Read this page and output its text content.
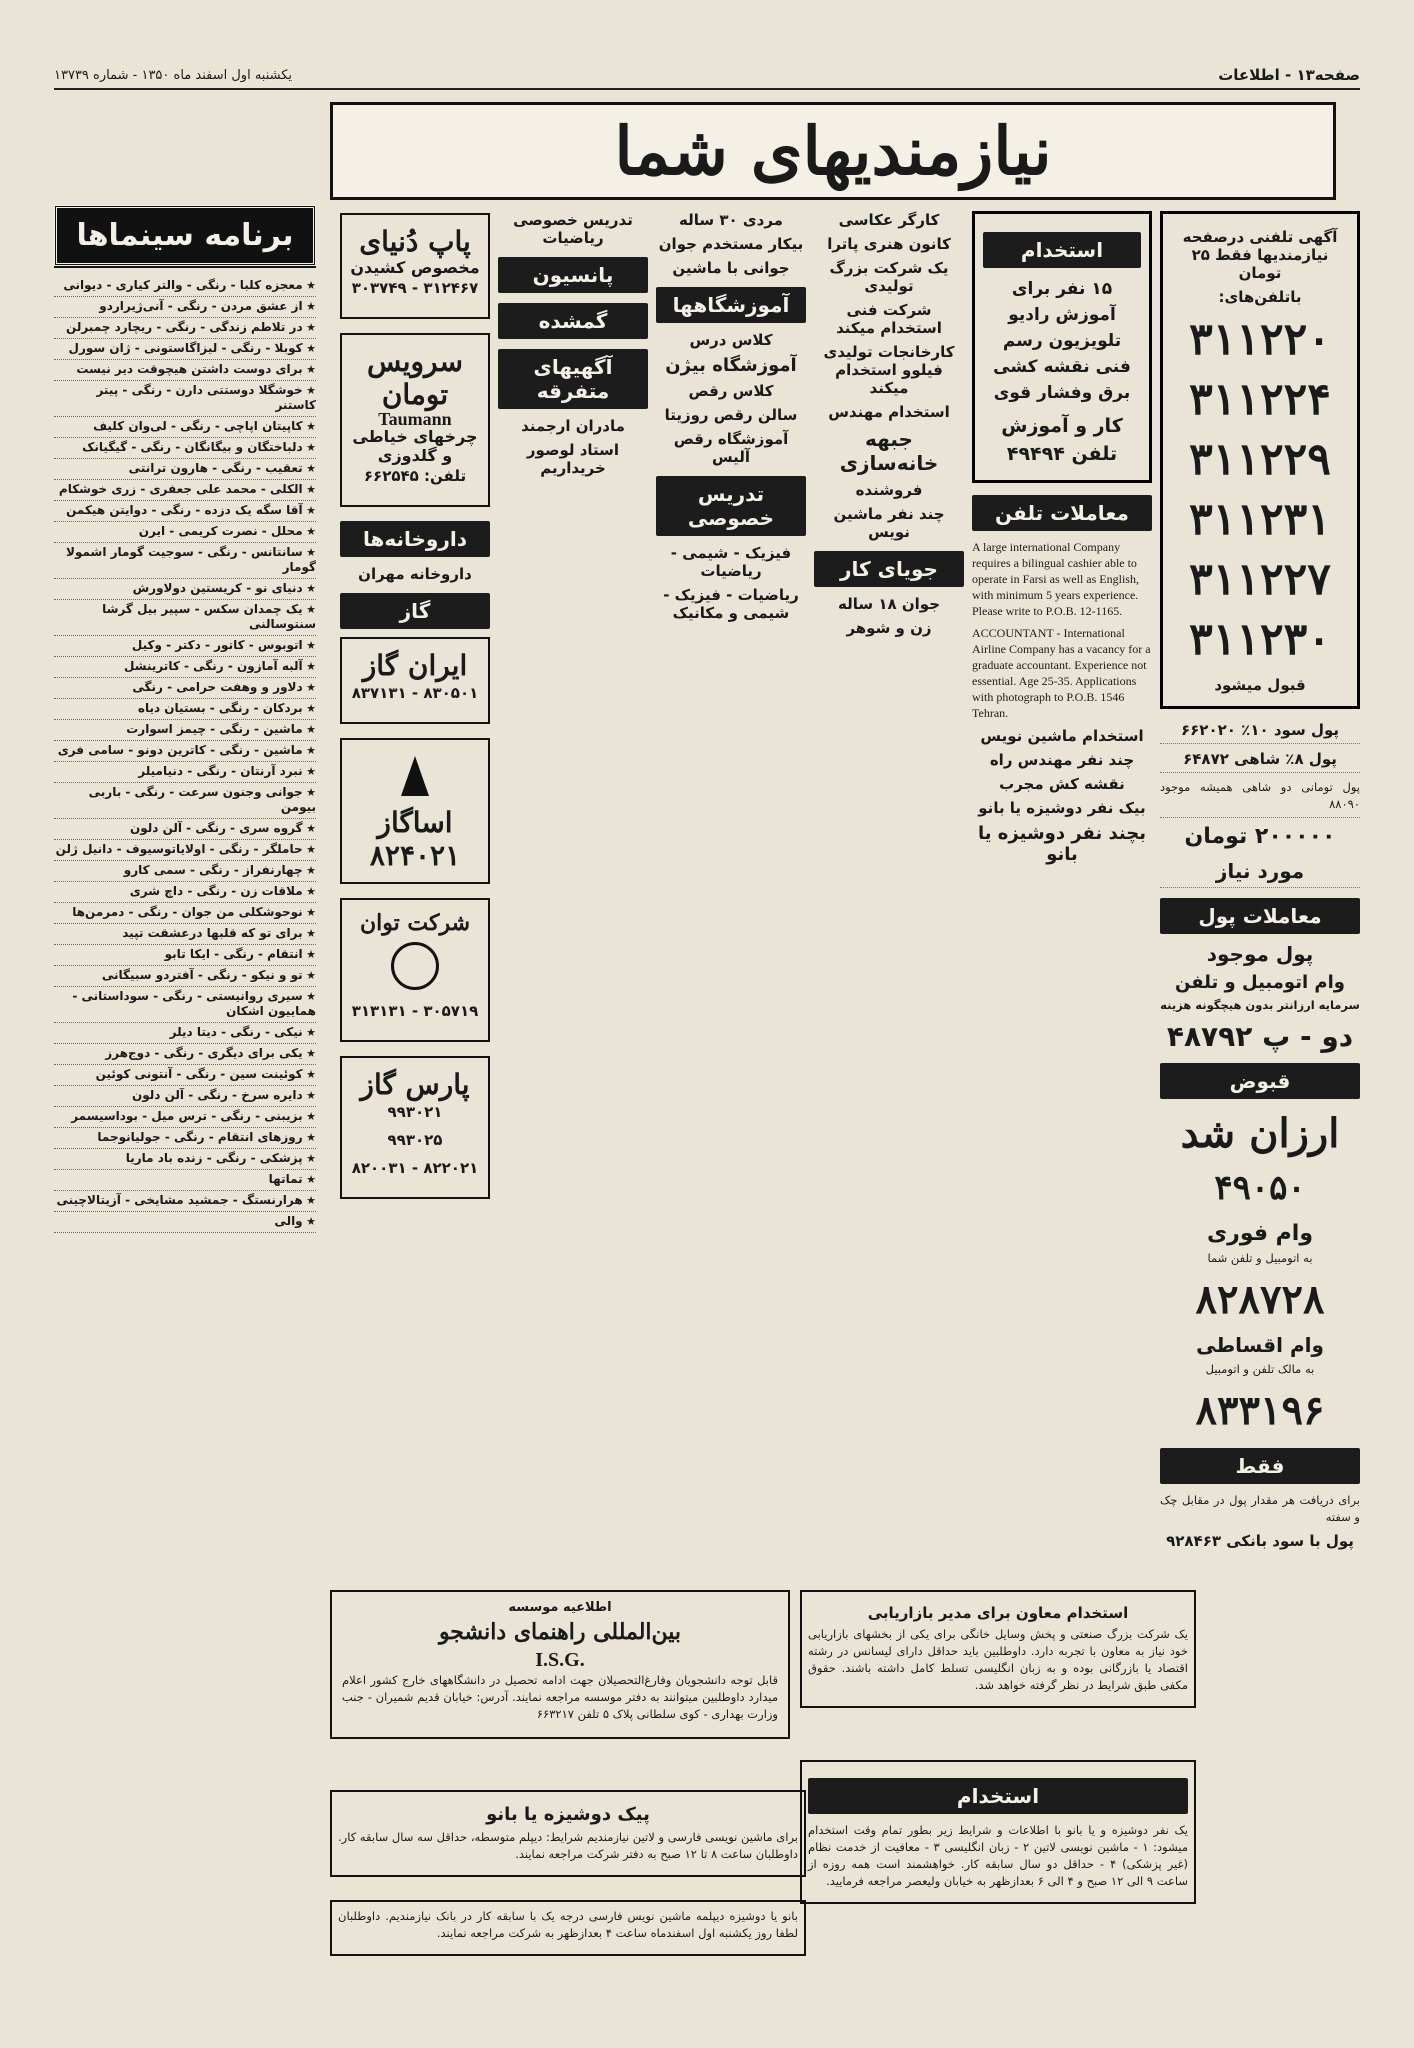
صفحه۱۳ - اطلاعات
یکشنبه اول اسفند ماه ۱۳۵۰ - شماره ۱۳۷۳۹
نیازمندیهای شما
آگهی تلفنی درصفحه نیازمندیها فقط ۲۵ تومان
باتلفن‌های:
۳۱۱۲۲۰
۳۱۱۲۲۴
۳۱۱۲۲۹
۳۱۱۲۳۱
۳۱۱۲۲۷
۳۱۱۲۳۰
قبول میشود
پول سود ۱۰٪ ۶۶۲۰۲۰
پول ۸٪ شاهی ۶۴۸۷۲
پول تومانی دو شاهی همیشه موجود ۸۸۰۹۰
۲۰۰۰۰۰ تومان
مورد نیاز
معاملات پول
پول موجود
وام اتومبیل و تلفن
سرمایه ارزانتر بدون هیچگونه هزینه
دو - پ ۴۸۷۹۲
قبوض
ارزان شد
۴۹۰۵۰
وام فوری
به اتومبیل و تلفن شما
۸۲۸۷۲۸
وام اقساطی
به مالک تلفن و اتومبیل
۸۳۳۱۹۶
فقط
برای دریافت هر مقدار پول در مقابل چک و سفته
پول با سود بانکی ۹۲۸۴۶۳
استخدام
۱۵ نفر برای آموزش رادیو تلویزیون رسم فنی نقشه کشی برق وفشار قوی
کار و آموزش تلفن ۴۹۴۹۴
معاملات تلفن
A large international Company requires a bilingual cashier able to operate in Farsi as well as English, with minimum 5 years experience. Please write to P.O.B. 12-1165.
ACCOUNTANT - International Airline Company has a vacancy for a graduate accountant. Experience not essential. Age 25-35. Applications with photograph to P.O.B. 1546 Tehran.
استخدام ماشین نویس
چند نفر مهندس راه
نقشه کش مجرب
بیک نفر دوشیزه یا بانو
بچند نفر دوشیزه یا بانو
کارگر عکاسی
کانون هنری پاترا
یک شرکت بزرگ تولیدی
شرکت فنی استخدام میکند
کارخانجات تولیدی فیلوو استخدام میکند
استخدام مهندس
جبهه خانه‌سازی
فروشنده
چند نفر ماشین نویس
جویای کار
جوان ۱۸ ساله
زن و شوهر
مردی ۳۰ ساله
بیکار مستخدم جوان
جوانی با ماشین
آموزشگاهها
کلاس درس
آموزشگاه بیژن
کلاس رقص
سالن رقص روزیتا
آموزشگاه رقص آلیس
تدریس خصوصی
فیزیک - شیمی - ریاضیات
ریاضیات - فیزیک - شیمی و مکانیک
تدریس خصوصی ریاضیات
پانسیون
گمشده
آگهیهای متفرقه
مادران ارجمند
استاد لوصور خریداریم
پاپ دُنیای
مخصوص کشیدن
۳۱۲۴۶۷ - ۳۰۳۷۴۹
سرویس تومان
Taumann
چرخهای خیاطی و گلدوزی
تلفن: ۶۶۲۵۴۵
داروخانه‌ها
داروخانه مهران
گاز
ایران گاز
۸۳۰۵۰۱ - ۸۳۷۱۳۱
اساگاز
۸۲۴۰۲۱
شرکت توان
۳۰۵۷۱۹ - ۳۱۳۱۳۱
پارس گاز
۹۹۳۰۲۱
۹۹۳۰۲۵
۸۲۲۰۲۱ - ۸۲۰۰۳۱
اطلاعیه موسسه
بین‌المللی راهنمای دانشجو
I.S.G.
قابل توجه دانشجویان وفارغ‌التحصیلان جهت ادامه تحصیل در دانشگاههای خارج کشور اعلام میدارد داوطلبین میتوانند به دفتر موسسه مراجعه نمایند. آدرس: خیابان قدیم شمیران - جنب وزارت بهداری - کوی سلطانی پلاک ۵ تلفن ۶۶۳۲۱۷
پیک دوشیزه یا بانو
برای ماشین نویسی فارسی و لاتین نیازمندیم شرایط: دیپلم متوسطه، حداقل سه سال سابقه کار. داوطلبان ساعت ۸ تا ۱۲ صبح به دفتر شرکت مراجعه نمایند.
بانو یا دوشیزه دیپلمه ماشین نویس فارسی درجه یک با سابقه کار در بانک نیازمندیم. داوطلبان لطفا روز یکشنبه اول اسفندماه ساعت ۴ بعدازظهر به شرکت مراجعه نمایند.
استخدام معاون برای مدیر بازاریابی
یک شرکت بزرگ صنعتی و پخش وسایل خانگی برای یکی از بخشهای بازاریابی خود نیاز به معاون با تجربه دارد. داوطلبین باید حداقل دارای لیسانس در رشته اقتصاد یا بازرگانی بوده و به زبان انگلیسی تسلط کامل داشته باشند. حقوق مکفی طبق شرایط در نظر گرفته خواهد شد.
استخدام
یک نفر دوشیزه و یا بانو با اطلاعات و شرایط زیر بطور تمام وقت استخدام میشود: ۱ - ماشین نویسی لاتین ۲ - زبان انگلیسی ۳ - معافیت از خدمت نظام (غیر پزشکی) ۴ - حداقل دو سال سابقه کار. خواهشمند است همه روزه از ساعت ۹ الی ۱۲ صبح و ۴ الی ۶ بعدازظهر به خیابان ولیعصر مراجعه فرمایید.
برنامه سینماها
★ معجزه کلبا - رنگی - والتر کیاری - دیوانی
★ از عشق مردن - رنگی - آنی‌ژیراردو
★ در تلاطم زندگی - رنگی - ریچارد چمبرلن
★ کوبلا - رنگی - لیزاگاستونی - ژان سورل
★ برای دوست داشتن هیچوقت دیر نیست
★ خوشگلا دوستتی دارن - رنگی - پیتر کاستنر
★ کاپیتان اپاچی - رنگی - لی‌وان کلیف
★ دلباختگان و بیگانگان - رنگی - گیگیانک
★ تعقیب - رنگی - هارون ترانتی
★ الکلی - محمد علی جعفری - زری خوشکام
★ آقا سگه یک دزده - رنگی - دوایتن هیکمن
★ محلل - نصرت کریمی - ایرن
★ سانتانس - رنگی - سوجیت گومار اشمولا گومار
★ دنیای نو - کریستین دولاورش
★ یک چمدان سکس - سپیر بیل گرشا سنتوسالنی
★ اتوبوس - کاتور - دکتر - وکیل
★ آلبه آمازون - رنگی - کاترینشل
★ دلاور و وهفت حرامی - رنگی
★ بردکان - رنگی - بستیان دیاه
★ ماشین - رنگی - چیمز اسوارت
★ ماشین - رنگی - کاترین دونو - سامی فری
★ نبرد آرنتان - رنگی - دنیامیلر
★ جوانی وجنون سرعت - رنگی - باربی بیومن
★ گروه سری - رنگی - آلن دلون
★ حاملگر - رنگی - اولایاتوسیوف - دانیل ژلن
★ چهارنفراز - رنگی - سمی کارو
★ ملاقات زن - رنگی - داچ شری
★ نوحوشکلی من جوان - رنگی - دمرمن‌ها
★ برای تو که قلبها درعشقت تپید
★ انتقام - رنگی - ایکا تابو
★ تو و نیکو - رنگی - آفتردو سبیگانی
★ سیری روانیستی - رنگی - سوداستانی - هماییون اشکان
★ نیکی - رنگی - دیتا دیلر
★ یکی برای دیگری - رنگی - دوج‌هرز
★ کوئینت سین - رنگی - آنتونی کوئین
★ دایره سرخ - رنگی - آلن دلون
★ بزیبنی - رنگی - ترس میل - بوداسیسمر
★ روزهای انتقام - رنگی - جولیانوجما
★ پزشکی - رنگی - زنده باد ماریا
★ تماتها
★ هرارنستگ - جمشید مشایخی - آزیتالاچینی
★ والی
